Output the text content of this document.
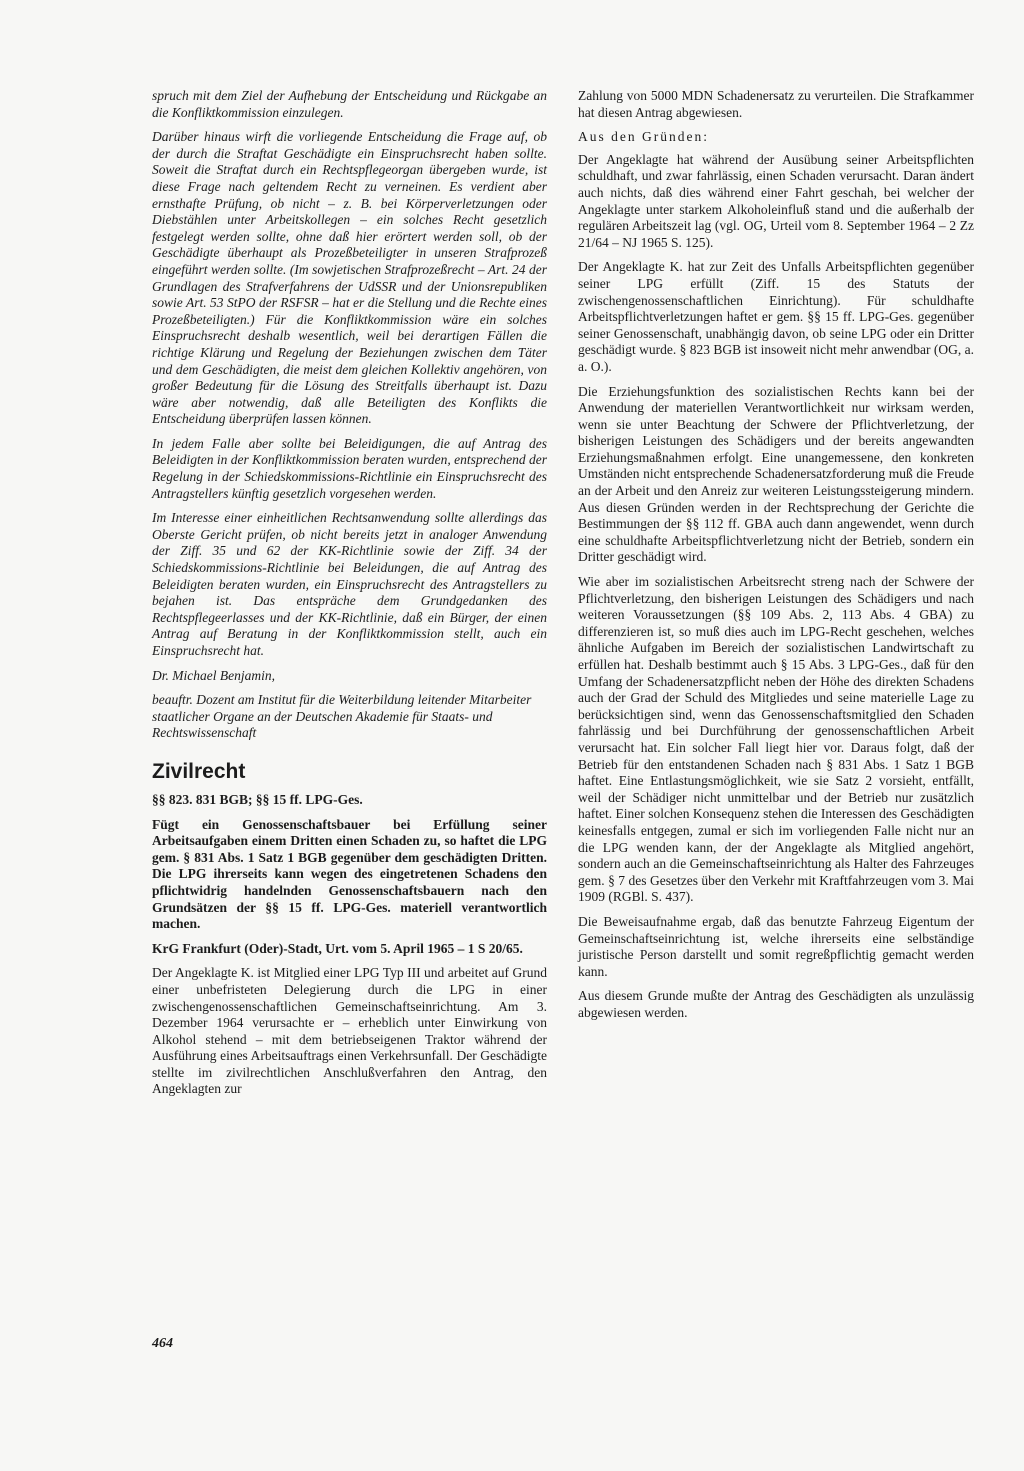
spruch mit dem Ziel der Aufhebung der Entscheidung und Rückgabe an die Konfliktkommission einzulegen.

Darüber hinaus wirft die vorliegende Entscheidung die Frage auf, ob der durch die Straftat Geschädigte ein Einspruchsrecht haben sollte. Soweit die Straftat durch ein Rechtspflegeorgan übergeben wurde, ist diese Frage nach geltendem Recht zu verneinen. Es verdient aber ernsthafte Prüfung, ob nicht – z. B. bei Körperverletzungen oder Diebstählen unter Arbeitskollegen – ein solches Recht gesetzlich festgelegt werden sollte, ohne daß hier erörtert werden soll, ob der Geschädigte überhaupt als Prozeßbeteiligter in unseren Strafprozeß eingeführt werden sollte. (Im sowjetischen Strafprozeßrecht – Art. 24 der Grundlagen des Strafverfahrens der UdSSR und der Unionsrepubliken sowie Art. 53 StPO der RSFSR – hat er die Stellung und die Rechte eines Prozeßbeteiligten.) Für die Konfliktkommission wäre ein solches Einspruchsrecht deshalb wesentlich, weil bei derartigen Fällen die richtige Klärung und Regelung der Beziehungen zwischen dem Täter und dem Geschädigten, die meist dem gleichen Kollektiv angehören, von großer Bedeutung für die Lösung des Streitfalls überhaupt ist. Dazu wäre aber notwendig, daß alle Beteiligten des Konflikts die Entscheidung überprüfen lassen können.

In jedem Falle aber sollte bei Beleidigungen, die auf Antrag des Beleidigten in der Konfliktkommission beraten wurden, entsprechend der Regelung in der Schiedskommissions-Richtlinie ein Einspruchsrecht des Antragstellers künftig gesetzlich vorgesehen werden.

Im Interesse einer einheitlichen Rechtsanwendung sollte allerdings das Oberste Gericht prüfen, ob nicht bereits jetzt in analoger Anwendung der Ziff. 35 und 62 der KK-Richtlinie sowie der Ziff. 34 der Schiedskommissions-Richtlinie bei Beleidungen, die auf Antrag des Beleidigten beraten wurden, ein Einspruchsrecht des Antragstellers zu bejahen ist. Das entspräche dem Grundgedanken des Rechtspflegeerlasses und der KK-Richtlinie, daß ein Bürger, der einen Antrag auf Beratung in der Konfliktkommission stellt, auch ein Einspruchsrecht hat.

Dr. Michael Benjamin,

beauftr. Dozent am Institut für die Weiterbildung leitender Mitarbeiter staatlicher Organe an der Deutschen Akademie für Staats- und Rechtswissenschaft

Zivilrecht

§§ 823. 831 BGB; §§ 15 ff. LPG-Ges.

Fügt ein Genossenschaftsbauer bei Erfüllung seiner Arbeitsaufgaben einem Dritten einen Schaden zu, so haftet die LPG gem. § 831 Abs. 1 Satz 1 BGB gegenüber dem geschädigten Dritten. Die LPG ihrerseits kann wegen des eingetretenen Schadens den pflichtwidrig handelnden Genossenschaftsbauern nach den Grundsätzen der §§ 15 ff. LPG-Ges. materiell verantwortlich machen.

KrG Frankfurt (Oder)-Stadt, Urt. vom 5. April 1965 – 1 S 20/65.

Der Angeklagte K. ist Mitglied einer LPG Typ III und arbeitet auf Grund einer unbefristeten Delegierung durch die LPG in einer zwischengenossenschaftlichen Gemeinschaftseinrichtung. Am 3. Dezember 1964 verursachte er – erheblich unter Einwirkung von Alkohol stehend – mit dem betriebseigenen Traktor während der Ausführung eines Arbeitsauftrags einen Verkehrsunfall. Der Geschädigte stellte im zivilrechtlichen Anschlußverfahren den Antrag, den Angeklagten zur

Zahlung von 5000 MDN Schadenersatz zu verurteilen. Die Strafkammer hat diesen Antrag abgewiesen.

Aus den Gründen:

Der Angeklagte hat während der Ausübung seiner Arbeitspflichten schuldhaft, und zwar fahrlässig, einen Schaden verursacht. Daran ändert auch nichts, daß dies während einer Fahrt geschah, bei welcher der Angeklagte unter starkem Alkoholeinfluß stand und die außerhalb der regulären Arbeitszeit lag (vgl. OG, Urteil vom 8. September 1964 – 2 Zz 21/64 – NJ 1965 S. 125).

Der Angeklagte K. hat zur Zeit des Unfalls Arbeitspflichten gegenüber seiner LPG erfüllt (Ziff. 15 des Statuts der zwischengenossenschaftlichen Einrichtung). Für schuldhafte Arbeitspflichtverletzungen haftet er gem. §§ 15 ff. LPG-Ges. gegenüber seiner Genossenschaft, unabhängig davon, ob seine LPG oder ein Dritter geschädigt wurde. § 823 BGB ist insoweit nicht mehr anwendbar (OG, a. a. O.).

Die Erziehungsfunktion des sozialistischen Rechts kann bei der Anwendung der materiellen Verantwortlichkeit nur wirksam werden, wenn sie unter Beachtung der Schwere der Pflichtverletzung, der bisherigen Leistungen des Schädigers und der bereits angewandten Erziehungsmaßnahmen erfolgt. Eine unangemessene, den konkreten Umständen nicht entsprechende Schadenersatzforderung muß die Freude an der Arbeit und den Anreiz zur weiteren Leistungssteigerung mindern. Aus diesen Gründen werden in der Rechtsprechung der Gerichte die Bestimmungen der §§ 112 ff. GBA auch dann angewendet, wenn durch eine schuldhafte Arbeitspflichtverletzung nicht der Betrieb, sondern ein Dritter geschädigt wird.

Wie aber im sozialistischen Arbeitsrecht streng nach der Schwere der Pflichtverletzung, den bisherigen Leistungen des Schädigers und nach weiteren Voraussetzungen (§§ 109 Abs. 2, 113 Abs. 4 GBA) zu differenzieren ist, so muß dies auch im LPG-Recht geschehen, welches ähnliche Aufgaben im Bereich der sozialistischen Landwirtschaft zu erfüllen hat. Deshalb bestimmt auch § 15 Abs. 3 LPG-Ges., daß für den Umfang der Schadenersatzpflicht neben der Höhe des direkten Schadens auch der Grad der Schuld des Mitgliedes und seine materielle Lage zu berücksichtigen sind, wenn das Genossenschaftsmitglied den Schaden fahrlässig und bei Durchführung der genossenschaftlichen Arbeit verursacht hat. Ein solcher Fall liegt hier vor. Daraus folgt, daß der Betrieb für den entstandenen Schaden nach § 831 Abs. 1 Satz 1 BGB haftet. Eine Entlastungsmöglichkeit, wie sie Satz 2 vorsieht, entfällt, weil der Schädiger nicht unmittelbar und der Betrieb nur zusätzlich haftet. Einer solchen Konsequenz stehen die Interessen des Geschädigten keinesfalls entgegen, zumal er sich im vorliegenden Falle nicht nur an die LPG wenden kann, der der Angeklagte als Mitglied angehört, sondern auch an die Gemeinschaftseinrichtung als Halter des Fahrzeuges gem. § 7 des Gesetzes über den Verkehr mit Kraftfahrzeugen vom 3. Mai 1909 (RGBl. S. 437).

Die Beweisaufnahme ergab, daß das benutzte Fahrzeug Eigentum der Gemeinschaftseinrichtung ist, welche ihrerseits eine selbständige juristische Person darstellt und somit regreßpflichtig gemacht werden kann.

Aus diesem Grunde mußte der Antrag des Geschädigten als unzulässig abgewiesen werden.

464
